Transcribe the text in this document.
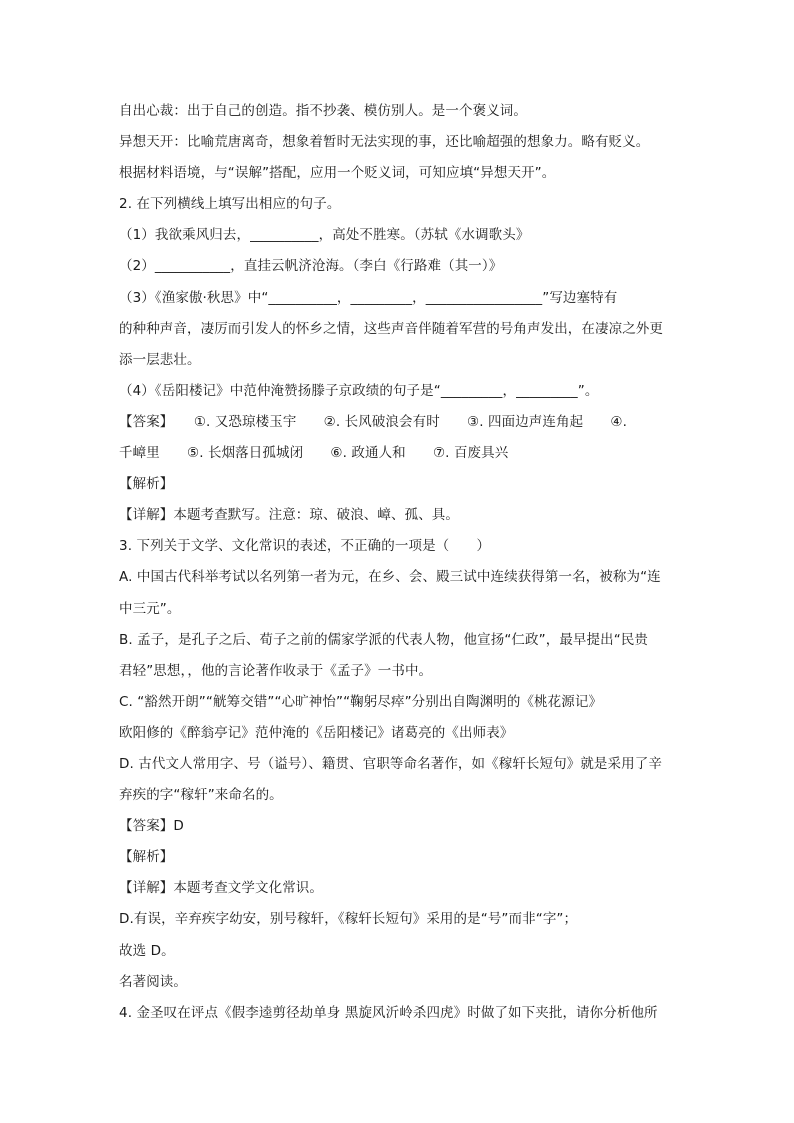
自出心裁：出于自己的创造。指不抄袭、模仿别人。是一个褒义词。
异想天开：比喻荒唐离奇，想象着暂时无法实现的事，还比喻超强的想象力。略有贬义。
根据材料语境，与“误解”搭配，应用一个贬义词，可知应填“异想天开”。
2. 在下列横线上填写出相应的句子。
（1）我欲乘风归去，__________，高处不胜寒。（苏轼《水调歌头》
（2）___________，直挂云帆济沧海。（李白《行路难（其一）》
（3）《渔家傲·秋思》中“__________，_________，_________________”写边塞特有
的种种声音，凄厉而引发人的怀乡之情，这些声音伴随着军营的号角声发出，在凄凉之外更
添一层悲壮。
（4）《岳阳楼记》中范仲淹赞扬滕子京政绩的句子是“_________，_________”。
【答案】　　①. 又恐琼楼玉宇　　②. 长风破浪会有时　　③. 四面边声连角起　　④.
千嶂里　　⑤. 长烟落日孤城闭　　⑥. 政通人和　　⑦. 百废具兴
【解析】
【详解】本题考查默写。注意：琼、破浪、嶂、孤、具。
3. 下列关于文学、文化常识的表述，不正确的一项是（　　）
A. 中国古代科举考试以名列第一者为元，在乡、会、殿三试中连续获得第一名，被称为“连
中三元”。
B. 孟子，是孔子之后、荀子之前的儒家学派的代表人物，他宣扬“仁政”，最早提出“民贵
君轻”思想，，他的言论著作收录于《孟子》一书中。
C. “豁然开朗”“觥筹交错”“心旷神怡”“鞠躬尽瘁”分别出自陶渊明的《桃花源记》
欧阳修的《醉翁亭记》范仲淹的《岳阳楼记》诸葛亮的《出师表》
D. 古代文人常用字、号（谥号）、籍贯、官职等命名著作，如《稼轩长短句》就是采用了辛
弃疾的字“稼轩”来命名的。
【答案】D
【解析】
【详解】本题考查文学文化常识。
D.有误，辛弃疾字幼安，别号稼轩，《稼轩长短句》采用的是“号”而非“字”；
故选 D。
名著阅读。
4. 金圣叹在评点《假李逵剪径劫单身 黑旋风沂岭杀四虎》时做了如下夹批，请你分析他所
